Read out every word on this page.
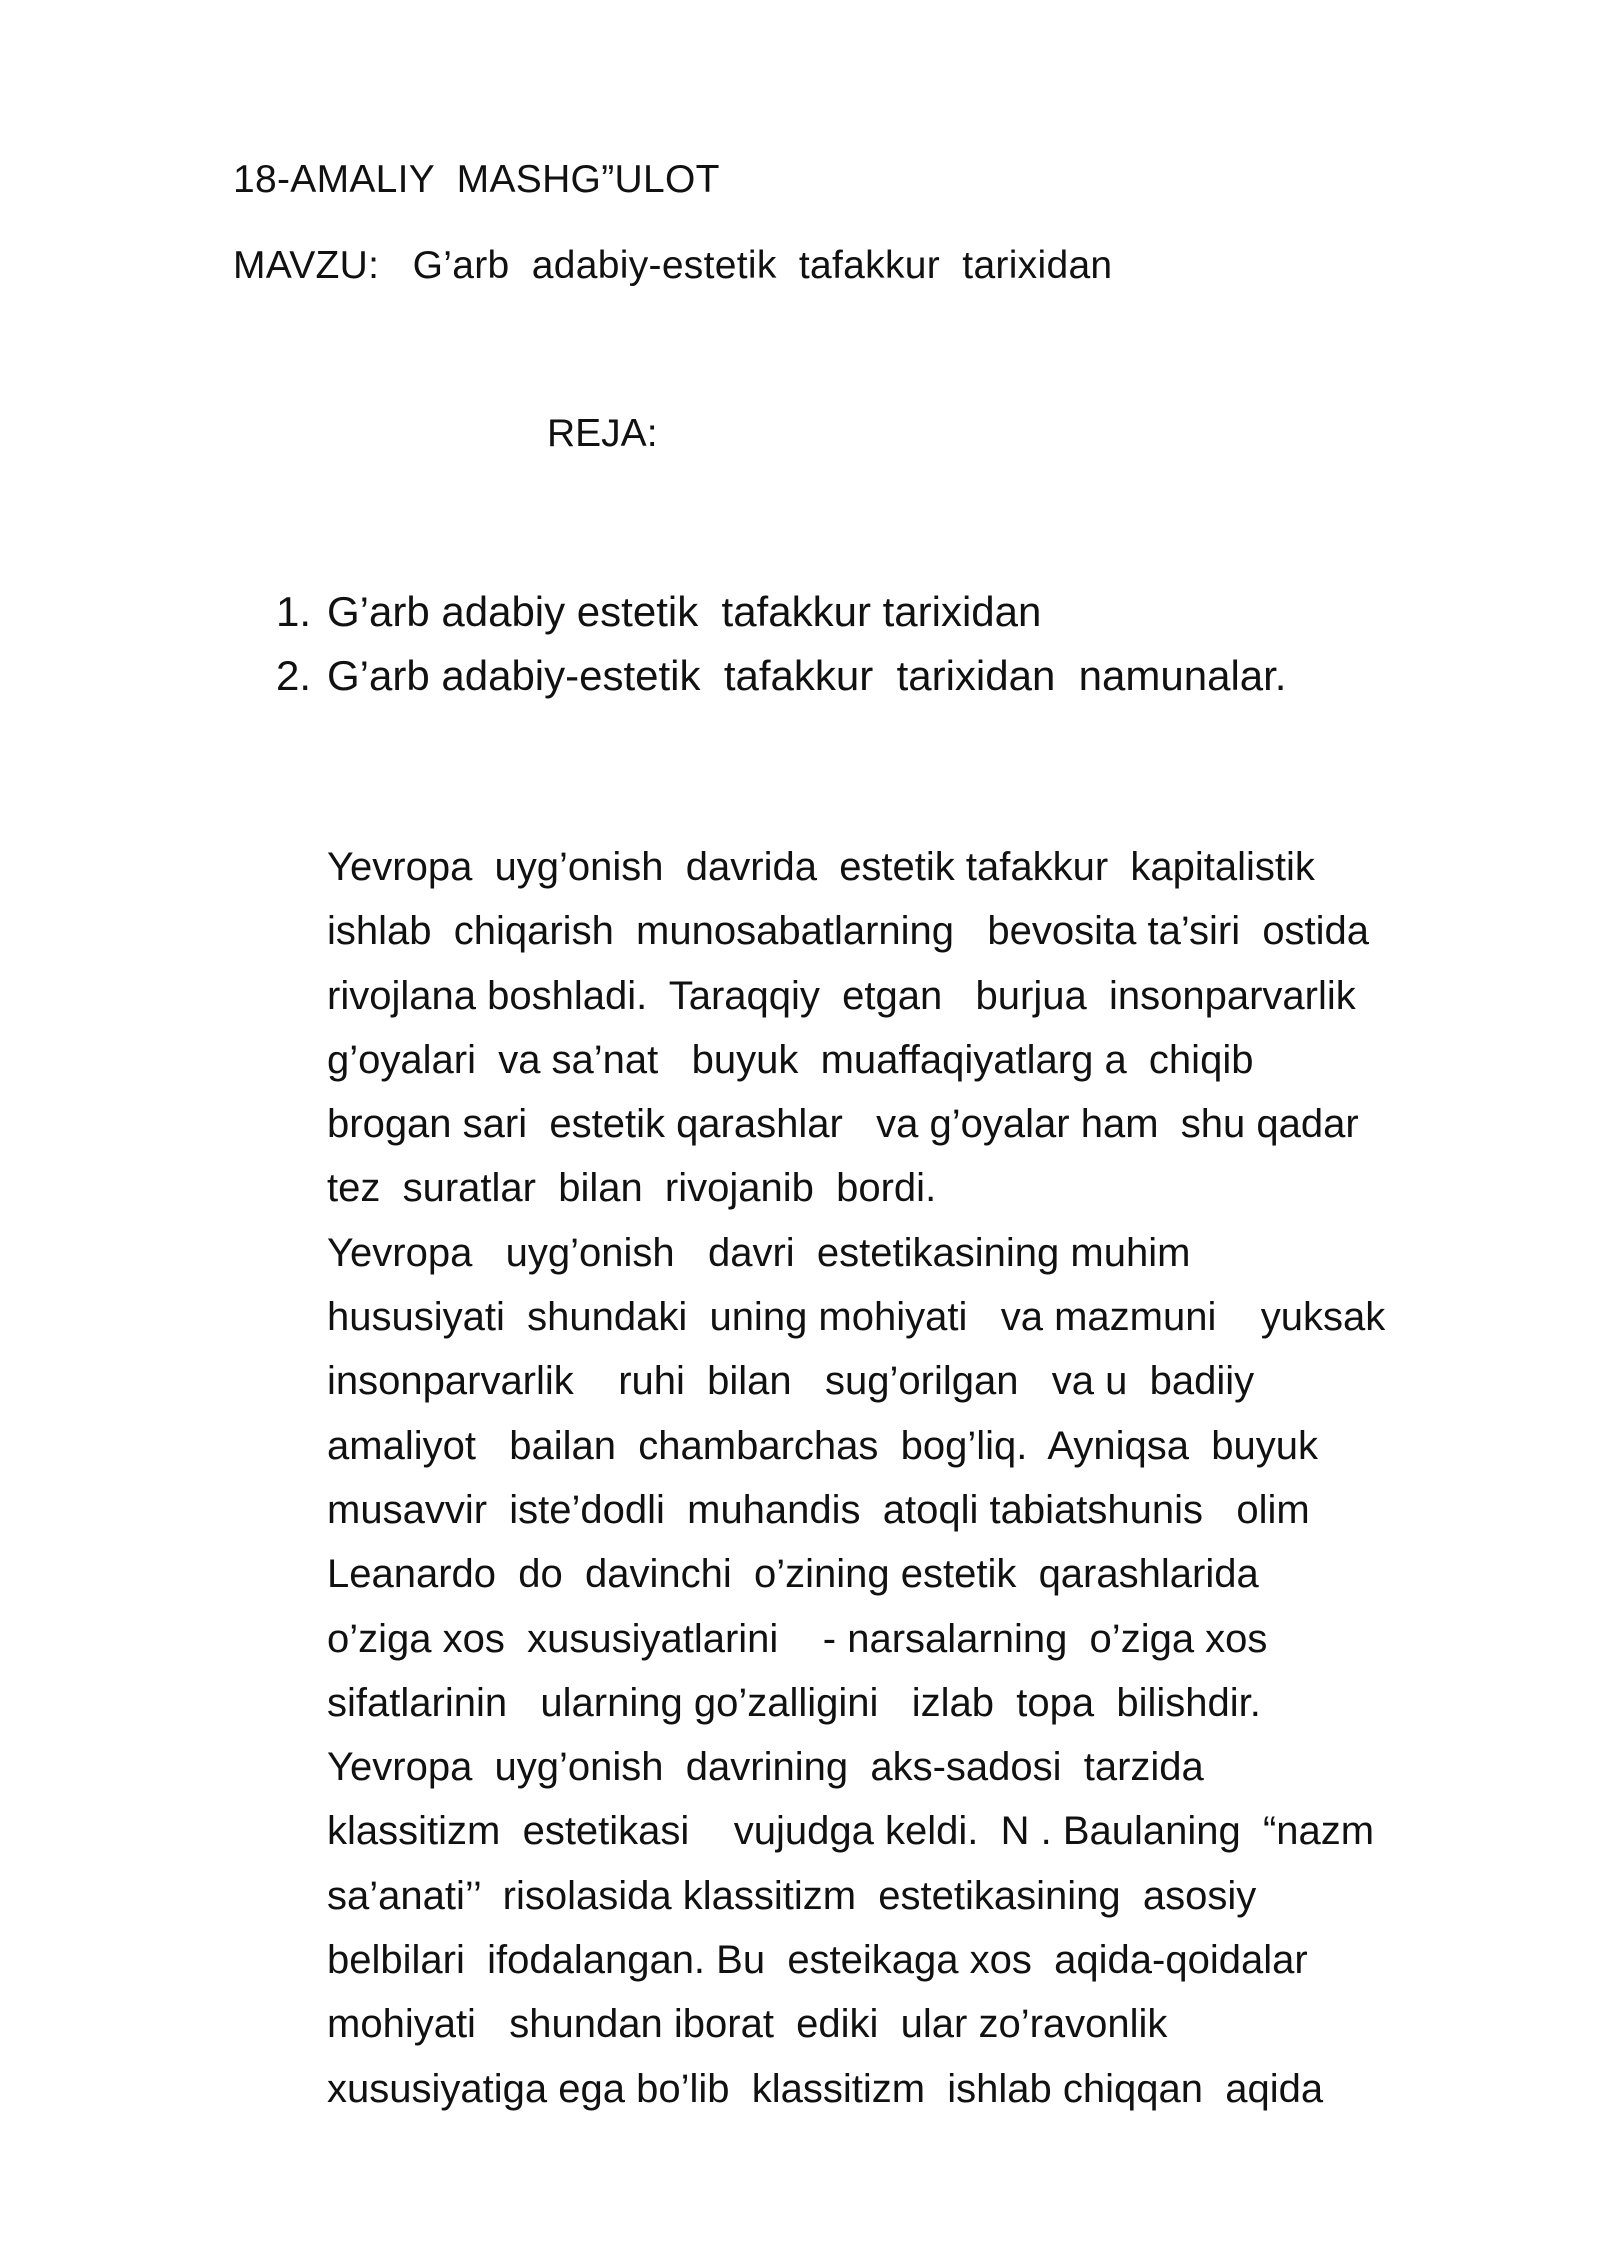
18-AMALIY  MASHG”ULOT
MAVZU: G’arb  adabiy-estetik  tafakkur  tarixidan
REJA:
1. G’arb adabiy estetik  tafakkur tarixidan
2. G’arb adabiy-estetik  tafakkur  tarixidan  namunalar.
Yevropa  uyg’onish  davrida  estetik tafakkur  kapitalistik
ishlab  chiqarish  munosabatlarning   bevosita ta’siri  ostida
rivojlana boshladi.  Taraqqiy  etgan   burjua  insonparvarlik
g’oyalari  va sa’nat   buyuk  muaffaqiyatlarg a  chiqib
brogan sari  estetik qarashlar   va g’oyalar ham  shu qadar
tez  suratlar  bilan  rivojanib  bordi.
Yevropa   uyg’onish   davri  estetikasining muhim
hususiyati  shundaki  uning mohiyati   va mazmuni    yuksak
insonparvarlik    ruhi  bilan   sug’orilgan   va u  badiiy
amaliyot   bailan  chambarchas  bog’liq.  Ayniqsa  buyuk
musavvir  iste’dodli  muhandis  atoqli tabiatshunis   olim
Leanardo  do  davinchi  o’zining estetik  qarashlarida
o’ziga xos  xususiyatlarini    - narsalarning  o’ziga xos
sifatlarinin   ularning go’zalligini   izlab  topa  bilishdir.
Yevropa  uyg’onish  davrining  aks-sadosi  tarzida
klassitizm  estetikasi    vujudga keldi.  N . Baulaning  “nazm
sa’anati’’  risolasida klassitizm  estetikasining  asosiy
belbilari  ifodalangan. Bu  esteikaga xos  aqida-qoidalar
mohiyati   shundan iborat  ediki  ular zo’ravonlik
xususiyatiga ega bo’lib  klassitizm  ishlab chiqqan  aqida
